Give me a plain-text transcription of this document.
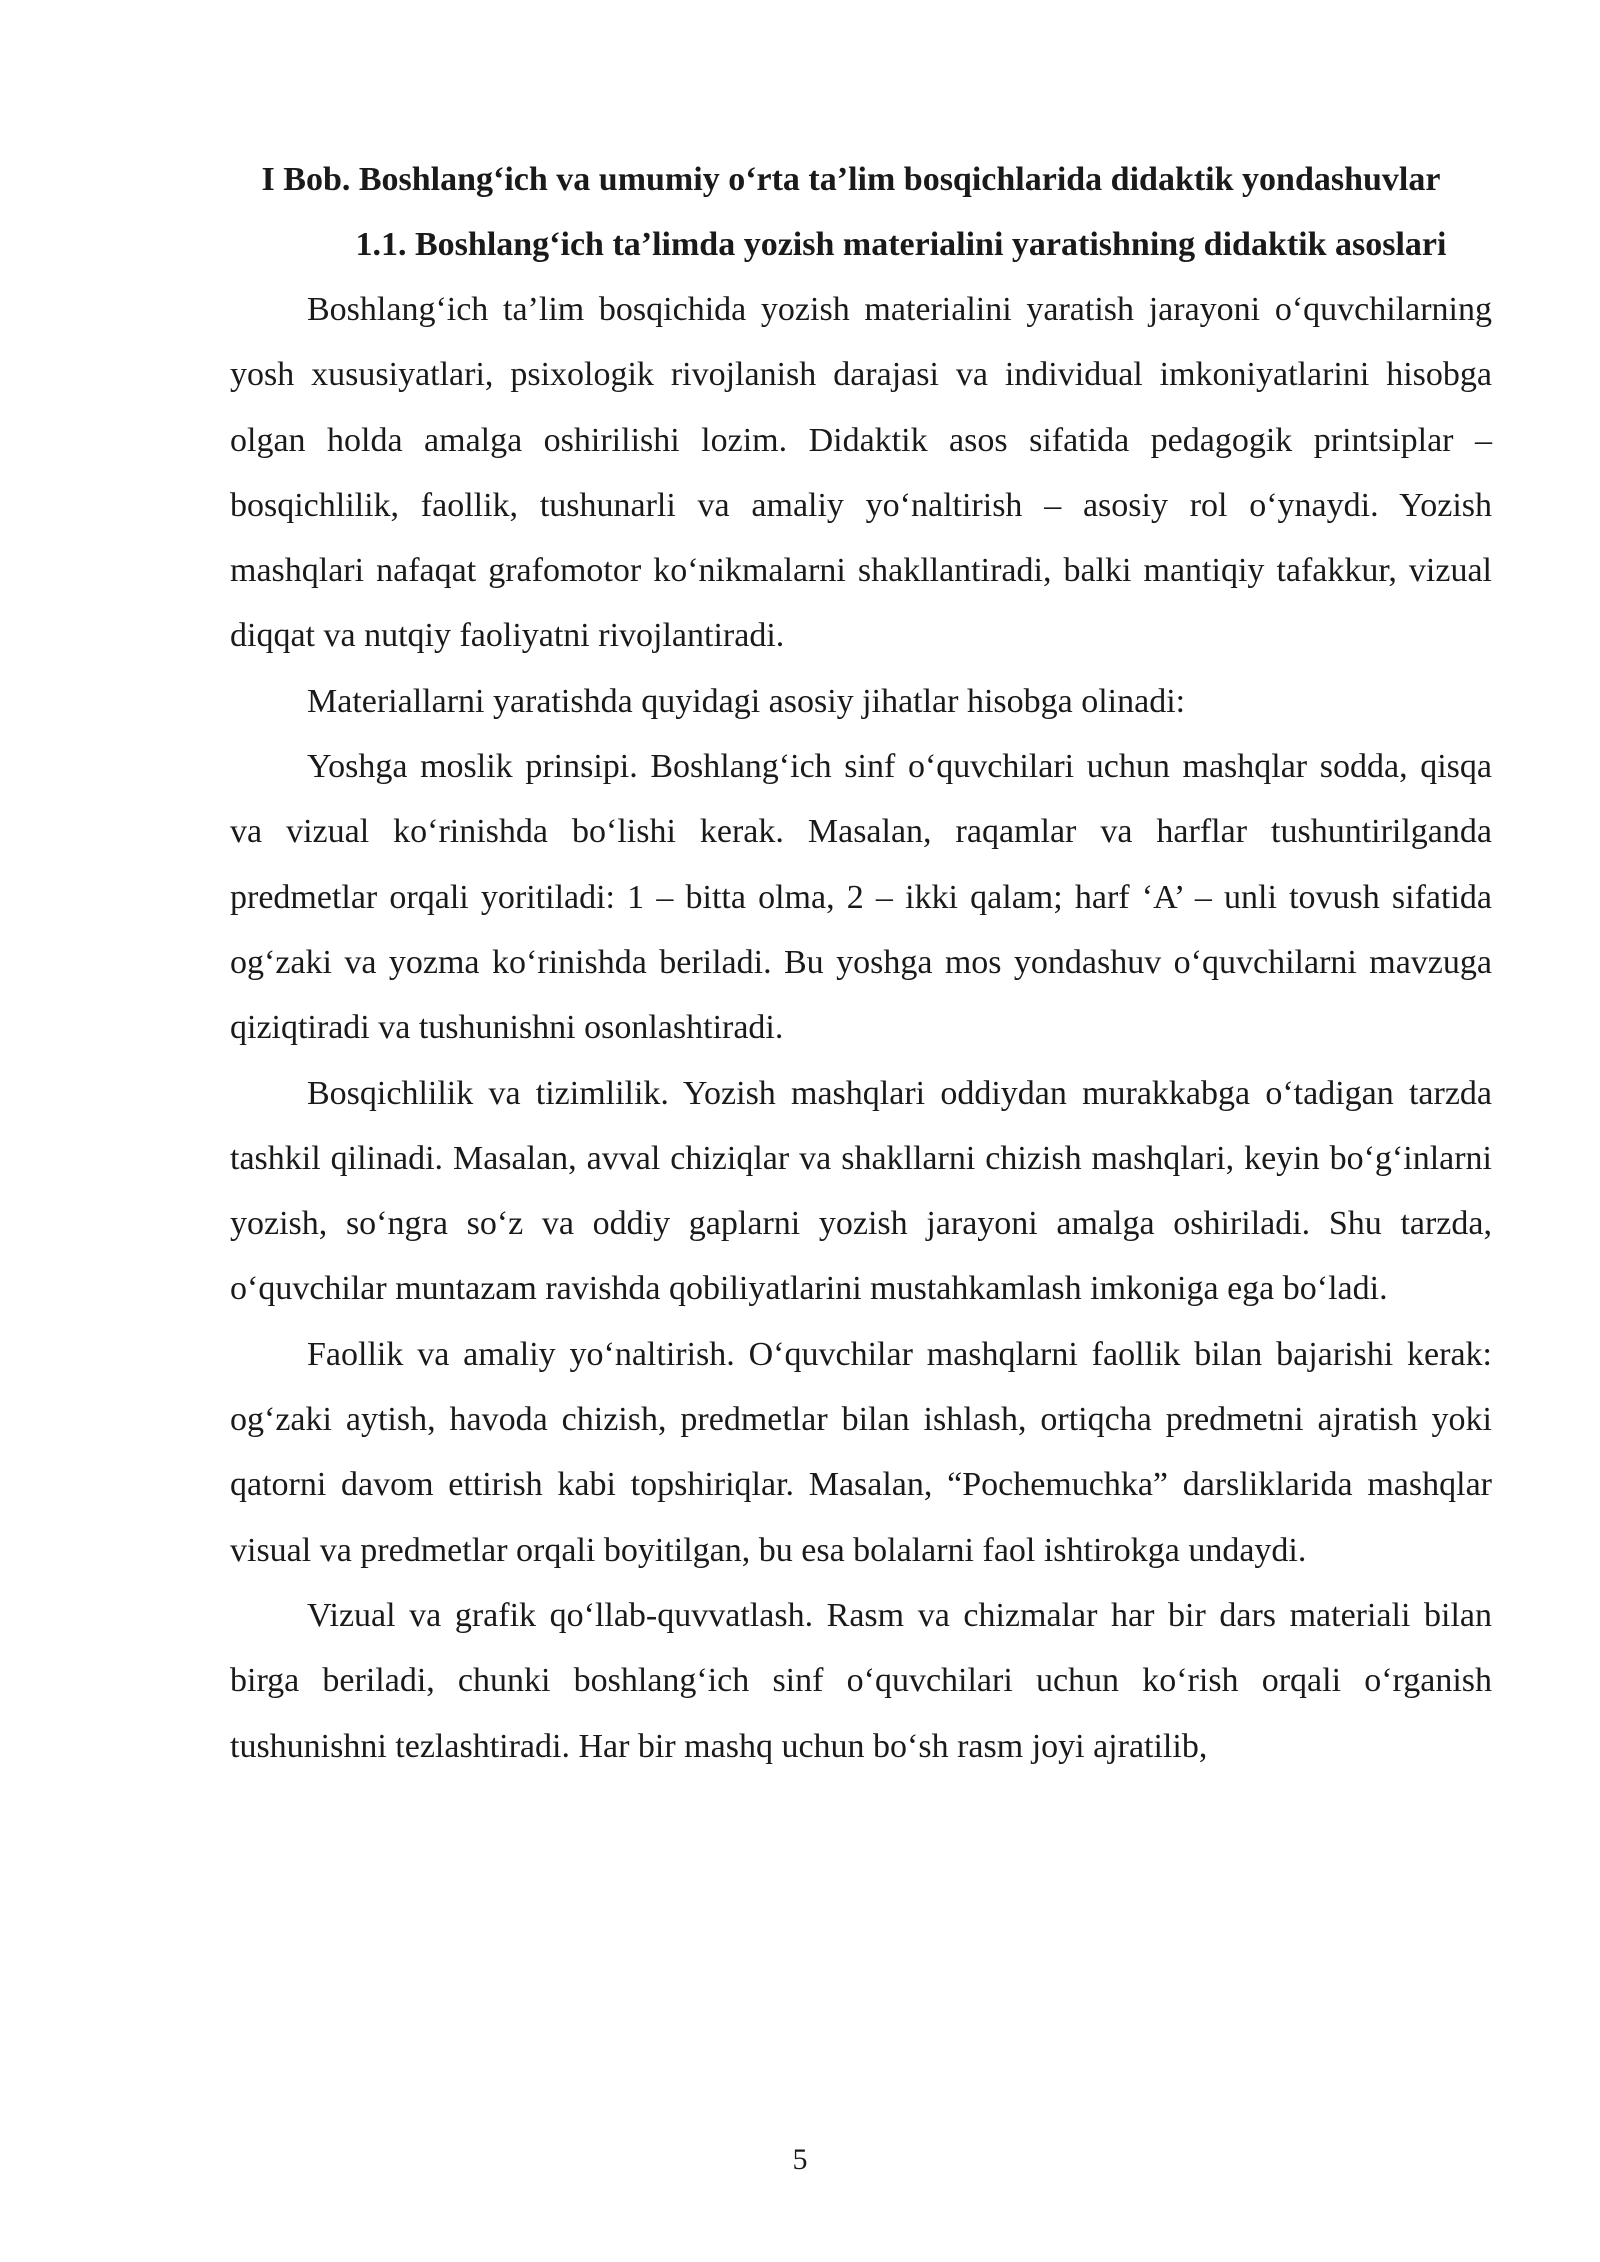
I Bob. Boshlang‘ich va umumiy o‘rta ta’lim bosqichlarida didaktik yondashuvlar
1.1. Boshlang‘ich ta’limda yozish materialini yaratishning didaktik asoslari

Boshlang‘ich ta’lim bosqichida yozish materialini yaratish jarayoni o‘quvchilarning yosh xususiyatlari, psixologik rivojlanish darajasi va individual imkoniyatlarini hisobga olgan holda amalga oshirilishi lozim. Didaktik asos sifatida pedagogik printsiplar – bosqichlilik, faollik, tushunarli va amaliy yo‘naltirish – asosiy rol o‘ynaydi. Yozish mashqlari nafaqat grafomotor ko‘nikmalarni shakllantiradi, balki mantiqiy tafakkur, vizual diqqat va nutqiy faoliyatni rivojlantiradi.

Materiallarni yaratishda quyidagi asosiy jihatlar hisobga olinadi:

Yoshga moslik prinsipi. Boshlang‘ich sinf o‘quvchilari uchun mashqlar sodda, qisqa va vizual ko‘rinishda bo‘lishi kerak. Masalan, raqamlar va harflar tushuntirilganda predmetlar orqali yoritiladi: 1 – bitta olma, 2 – ikki qalam; harf ‘A’ – unli tovush sifatida og‘zaki va yozma ko‘rinishda beriladi. Bu yoshga mos yondashuv o‘quvchilarni mavzuga qiziqtiradi va tushunishni osonlashtiradi.

Bosqichlilik va tizimlilik. Yozish mashqlari oddiydan murakkabga o‘tadigan tarzda tashkil qilinadi. Masalan, avval chiziqlar va shakllarni chizish mashqlari, keyin bo‘g‘inlarni yozish, so‘ngra so‘z va oddiy gaplarni yozish jarayoni amalga oshiriladi. Shu tarzda, o‘quvchilar muntazam ravishda qobiliyatlarini mustahkamlash imkoniga ega bo‘ladi.

Faollik va amaliy yo‘naltirish. O‘quvchilar mashqlarni faollik bilan bajarishi kerak: og‘zaki aytish, havoda chizish, predmetlar bilan ishlash, ortiqcha predmetni ajratish yoki qatorni davom ettirish kabi topshiriqlar. Masalan, “Pochemuchka” darsliklarida mashqlar visual va predmetlar orqali boyitilgan, bu esa bolalarni faol ishtirokga undaydi.

Vizual va grafik qo‘llab-quvvatlash. Rasm va chizmalar har bir dars materiali bilan birga beriladi, chunki boshlang‘ich sinf o‘quvchilari uchun ko‘rish orqali o‘rganish tushunishni tezlashtiradi. Har bir mashq uchun bo‘sh rasm joyi ajratilib,

5
